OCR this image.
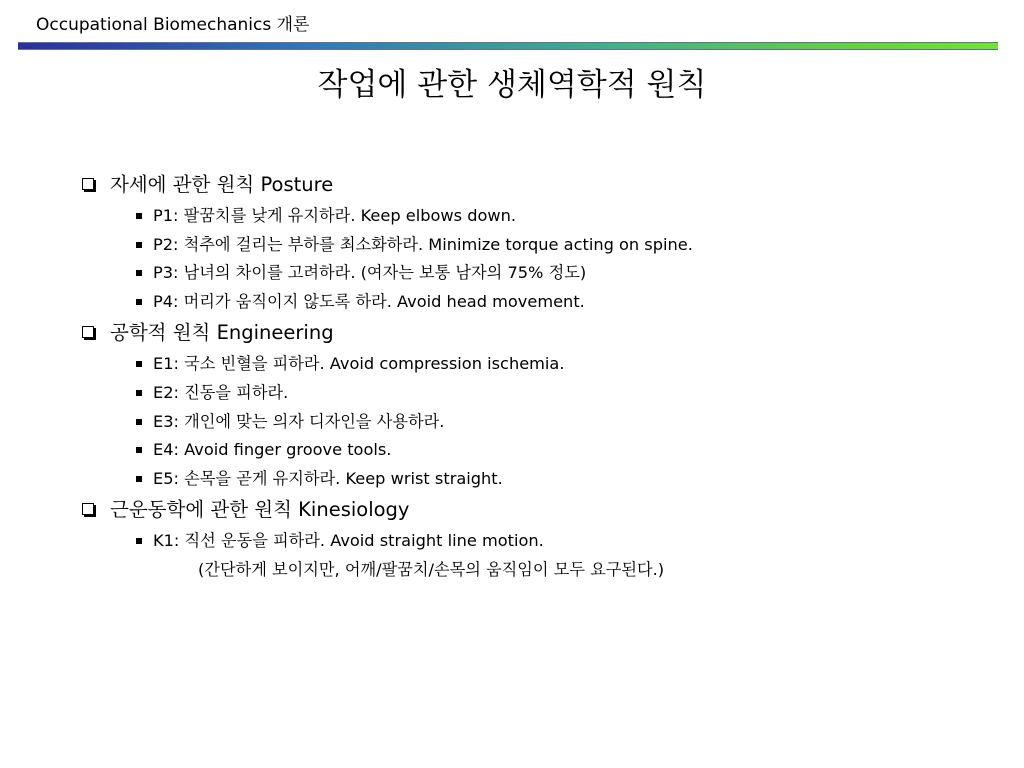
Occupational Biomechanics 개론
작업에 관한 생체역학적 원칙
자세에 관한 원칙 Posture
P1: 팔꿈치를 낮게 유지하라. Keep elbows down.
P2: 척추에 걸리는 부하를 최소화하라. Minimize torque acting on spine.
P3: 남녀의 차이를 고려하라. (여자는 보통 남자의 75% 정도)
P4: 머리가 움직이지 않도록 하라. Avoid head movement.
공학적 원칙 Engineering
E1: 국소 빈혈을 피하라. Avoid compression ischemia.
E2: 진동을 피하라.
E3: 개인에 맞는 의자 디자인을 사용하라.
E4: Avoid finger groove tools.
E5: 손목을 곧게 유지하라. Keep wrist straight.
근운동학에 관한 원칙 Kinesiology
K1: 직선 운동을 피하라. Avoid straight line motion.
(간단하게 보이지만, 어깨/팔꿈치/손목의 움직임이 모두 요구된다.)
